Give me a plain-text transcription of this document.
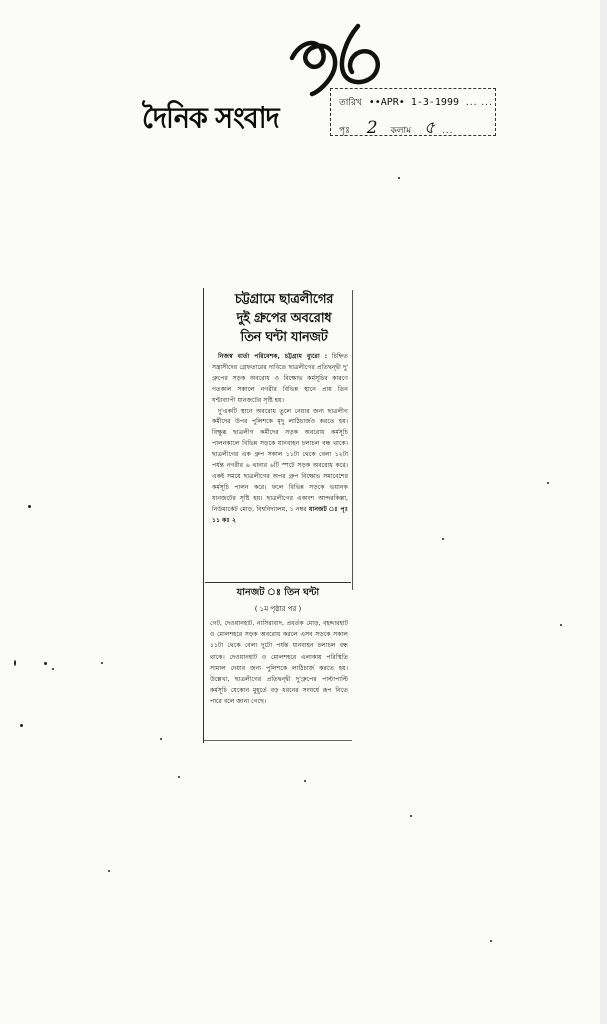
দৈনিক সংবাদ	তারিখ ••APR• 1-3-1999 ... ...
পৃঃ 2 কলাম ৫ ...
চট্টগ্রামে ছাত্রলীগের
দুই গ্রুপের অবরোধ
তিন ঘন্টা যানজট

নিজস্ব বার্তা পরিবেশক, চট্টগ্রাম ব্যুরো : চিহ্নিত সন্ত্রাসীদের গ্রেফতারের দাবিতে ছাত্রলীগের প্রতিদ্বন্দ্বী দু' গ্রুপের সড়ক অবরোধ ও বিক্ষোভ কর্মসূচির কারণে গতকাল সকালে নগরীর বিভিন্ন স্থানে প্রায় তিন ঘন্টাব্যাপী যানজটের সৃষ্টি হয়।

দু'একটি স্থানে অবরোধ তুলে নেয়ার জন্য ছাত্রলীগ কর্মীদের উপর পুলিশকে মৃদু লাঠিচার্জও করতে হয়। বিক্ষুব্ধ ছাত্রলীগ কর্মীদের সড়ক অবরোধ কর্মসূচি পালনকালে বিভিন্ন সড়কে যানবাহন চলাচল বন্ধ থাকে। ছাত্রলীগের এক গ্রুপ সকাল ১১টা থেকে বেলা ১২টা পর্যন্ত নগরীর ৬ থানার ৬টি স্পটে সড়ক অবরোধ করে। একই সময়ে ছাত্রলীগের অপর গ্রুপ বিক্ষোভ সমাবেশের কর্মসূচি পালন করে। ফলে বিভিন্ন সড়কে ভয়ানক যানজটের সৃষ্টি হয়। ছাত্রলীগের একাংশ আন্দরকিল্লা, নিউমার্কেট মোড়, বিশ্ববিদ্যালয়, ১ নম্বর যানজট ঃ পৃঃ ১১ কঃ ২

যানজট ঃ তিন ঘন্টা
( ১ম পৃষ্ঠার পর )

গেট, দেওয়ানহাট, নাসিরাবাদ, প্রবর্তক মোড়, বহদ্দারহাট ও মোলশহরে সড়ক অবরোধ করলে এসব সড়কে সকাল ১১টা থেকে বেলা দুটো পর্যন্ত যানবাহন চলাচল বন্ধ থাকে। দেওয়ানহাট ও মোলশহরে এলাকায় পরিস্থিতি সামাল দেয়ার জন্য পুলিশকে লাঠিচার্জ করতে হয়। উল্লেখ্য, ছাত্রলীগের প্রতিদ্বন্দ্বী দু'গ্রুপের পাল্টাপাল্টি কর্মসূচি যেকোন মুহূর্তে বড় ধরনের সংঘর্ষে রূপ নিতে পারে বলে জানা গেছে।
